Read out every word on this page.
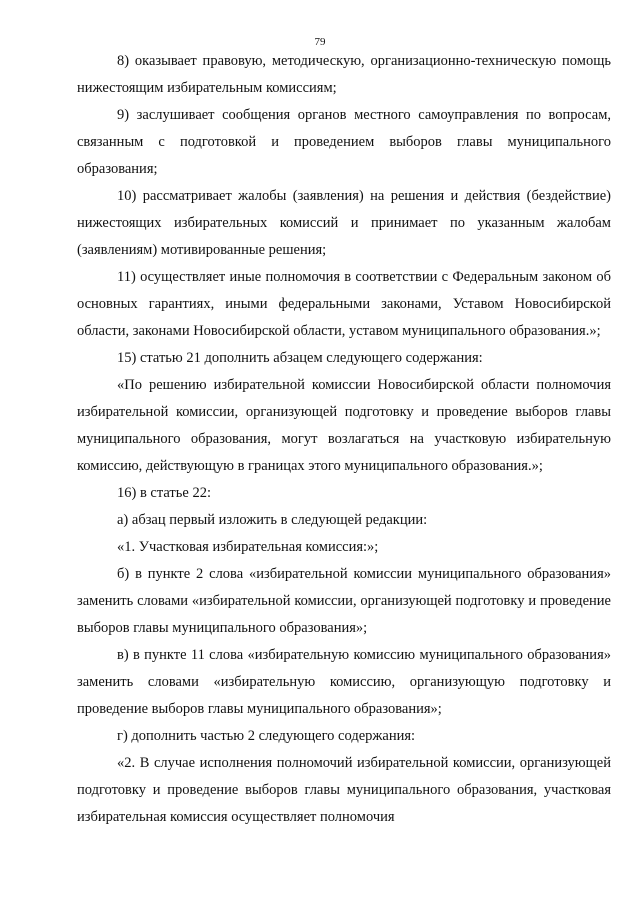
79

8) оказывает правовую, методическую, организационно-техническую помощь нижестоящим избирательным комиссиям;

9) заслушивает сообщения органов местного самоуправления по вопросам, связанным с подготовкой и проведением выборов главы муниципального образования;

10) рассматривает жалобы (заявления) на решения и действия (бездействие) нижестоящих избирательных комиссий и принимает по указанным жалобам (заявлениям) мотивированные решения;

11) осуществляет иные полномочия в соответствии с Федеральным законом об основных гарантиях, иными федеральными законами, Уставом Новосибирской области, законами Новосибирской области, уставом муниципального образования.»;

15) статью 21 дополнить абзацем следующего содержания:

«По решению избирательной комиссии Новосибирской области полномочия избирательной комиссии, организующей подготовку и проведение выборов главы муниципального образования, могут возлагаться на участковую избирательную комиссию, действующую в границах этого муниципального образования.»;

16) в статье 22:

а) абзац первый изложить в следующей редакции:

«1. Участковая избирательная комиссия:»;

б) в пункте 2 слова «избирательной комиссии муниципального образования» заменить словами «избирательной комиссии, организующей подготовку и проведение выборов главы муниципального образования»;

в) в пункте 11 слова «избирательную комиссию муниципального образования» заменить словами «избирательную комиссию, организующую подготовку и проведение выборов главы муниципального образования»;

г) дополнить частью 2 следующего содержания:

«2. В случае исполнения полномочий избирательной комиссии, организующей подготовку и проведение выборов главы муниципального образования, участковая избирательная комиссия осуществляет полномочия
